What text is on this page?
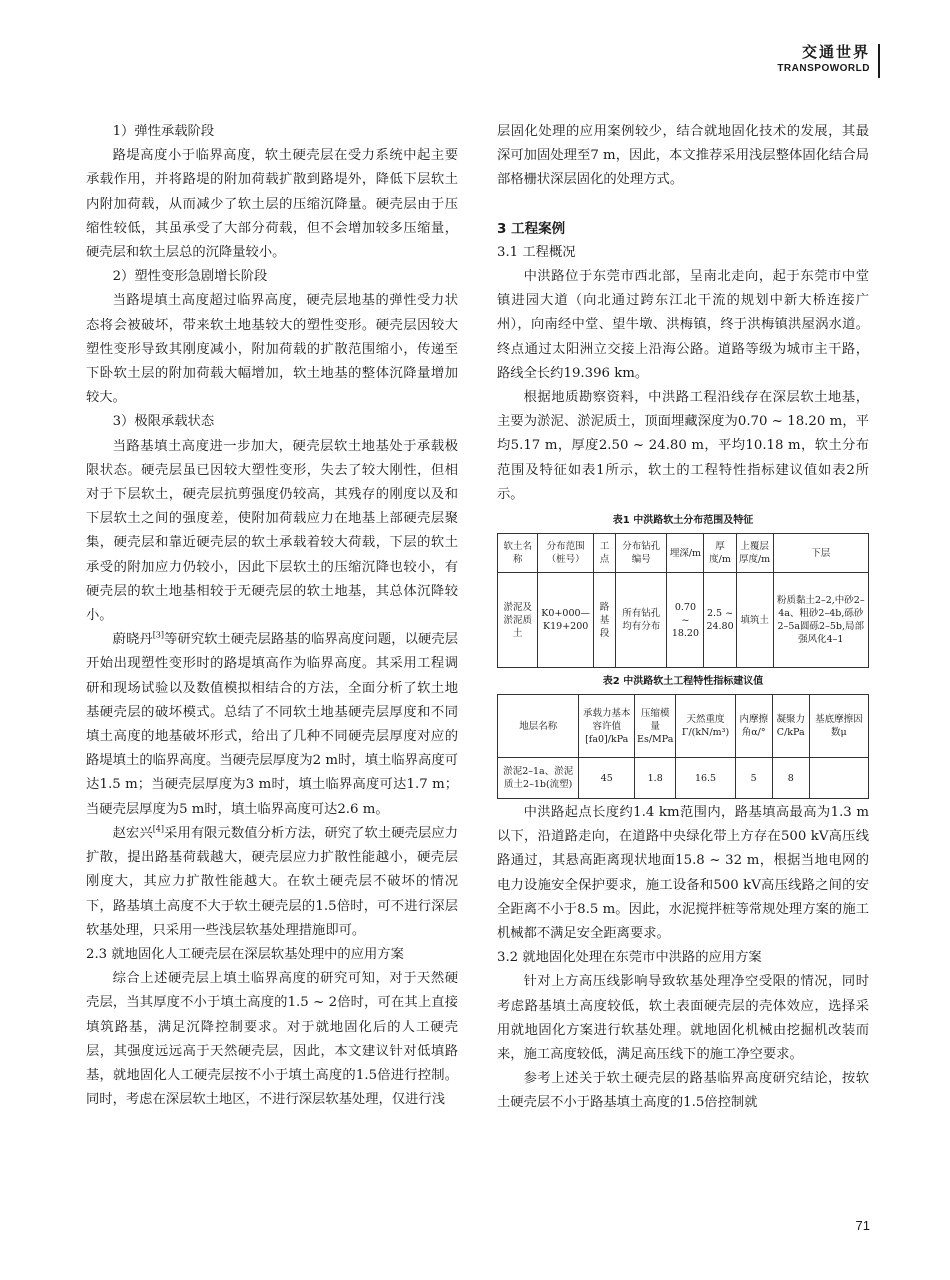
交通世界
TRANSPOWORLD

1）弹性承载阶段

路堤高度小于临界高度，软土硬壳层在受力系统中起主要承载作用，并将路堤的附加荷载扩散到路堤外，降低下层软土内附加荷载，从而减少了软土层的压缩沉降量。硬壳层由于压缩性较低，其虽承受了大部分荷载，但不会增加较多压缩量，硬壳层和软土层总的沉降量较小。

2）塑性变形急剧增长阶段

当路堤填土高度超过临界高度，硬壳层地基的弹性受力状态将会被破坏，带来软土地基较大的塑性变形。硬壳层因较大塑性变形导致其刚度减小，附加荷载的扩散范围缩小，传递至下卧软土层的附加荷载大幅增加，软土地基的整体沉降量增加较大。

3）极限承载状态

当路基填土高度进一步加大，硬壳层软土地基处于承载极限状态。硬壳层虽已因较大塑性变形，失去了较大刚性，但相对于下层软土，硬壳层抗剪强度仍较高，其残存的刚度以及和下层软土之间的强度差，使附加荷载应力在地基上部硬壳层聚集，硬壳层和靠近硬壳层的软土承载着较大荷载，下层的软土承受的附加应力仍较小，因此下层软土的压缩沉降也较小，有硬壳层的软土地基相较于无硬壳层的软土地基，其总体沉降较小。

蔚晓丹[3]等研究软土硬壳层路基的临界高度问题，以硬壳层开始出现塑性变形时的路堤填高作为临界高度。其采用工程调研和现场试验以及数值模拟相结合的方法，全面分析了软土地基硬壳层的破坏模式。总结了不同软土地基硬壳层厚度和不同填土高度的地基破坏形式，给出了几种不同硬壳层厚度对应的路堤填土的临界高度。当硬壳层厚度为2 m时，填土临界高度可达1.5 m；当硬壳层厚度为3 m时，填土临界高度可达1.7 m；当硬壳层厚度为5 m时，填土临界高度可达2.6 m。

赵宏兴[4]采用有限元数值分析方法，研究了软土硬壳层应力扩散，提出路基荷载越大，硬壳层应力扩散性能越小，硬壳层刚度大，其应力扩散性能越大。在软土硬壳层不破坏的情况下，路基填土高度不大于软土硬壳层的1.5倍时，可不进行深层软基处理，只采用一些浅层软基处理措施即可。

2.3 就地固化人工硬壳层在深层软基处理中的应用方案

综合上述硬壳层上填土临界高度的研究可知，对于天然硬壳层，当其厚度不小于填土高度的1.5 ~ 2倍时，可在其上直接填筑路基，满足沉降控制要求。对于就地固化后的人工硬壳层，其强度远远高于天然硬壳层，因此，本文建议针对低填路基，就地固化人工硬壳层按不小于填土高度的1.5倍进行控制。同时，考虑在深层软土地区，不进行深层软基处理，仅进行浅

层固化处理的应用案例较少，结合就地固化技术的发展，其最深可加固处理至7 m，因此，本文推荐采用浅层整体固化结合局部格栅状深层固化的处理方式。

3 工程案例

3.1 工程概况

中洪路位于东莞市西北部，呈南北走向，起于东莞市中堂镇进园大道（向北通过跨东江北干流的规划中新大桥连接广州），向南经中堂、望牛墩、洪梅镇，终于洪梅镇洪屋涡水道。终点通过太阳洲立交接上沿海公路。道路等级为城市主干路，路线全长约19.396 km。

根据地质勘察资料，中洪路工程沿线存在深层软土地基，主要为淤泥、淤泥质土，顶面埋藏深度为0.70 ~ 18.20 m，平均5.17 m，厚度2.50 ~ 24.80 m，平均10.18 m，软土分布范围及特征如表1所示，软土的工程特性指标建议值如表2所示。

表1 中洪路软土分布范围及特征
软土名称	分布范围（桩号）	工点	分布钻孔编号	埋深/m	厚度/m	上覆层厚度/m	下层
淤泥及淤泥质土	K0+000—K19+200	路基段	所有钻孔均有分布	0.70 ~ 18.20	2.5 ~ 24.80	填筑土	粉质黏土2–2,中砂2–4a、粗砂2–4b,砾砂2–5a圆砾2–5b,局部强风化4–1
表2 中洪路软土工程特性指标建议值
地层名称	承载力基本容许值[fa0]/kPa	压缩模量Es/MPa	天然重度Γ/(kN/m³)	内摩擦角α/°	凝聚力C/kPa	基底摩擦因数μ
淤泥2–1a、淤泥质土2–1b(流塑)	45	1.8	16.5	5	8	

中洪路起点长度约1.4 km范围内，路基填高最高为1.3 m以下，沿道路走向，在道路中央绿化带上方存在500 kV高压线路通过，其悬高距离现状地面15.8 ~ 32 m，根据当地电网的电力设施安全保护要求，施工设备和500 kV高压线路之间的安全距离不小于8.5 m。因此，水泥搅拌桩等常规处理方案的施工机械都不满足安全距离要求。

3.2 就地固化处理在东莞市中洪路的应用方案

针对上方高压线影响导致软基处理净空受限的情况，同时考虑路基填土高度较低，软土表面硬壳层的壳体效应，选择采用就地固化方案进行软基处理。就地固化机械由挖掘机改装而来，施工高度较低，满足高压线下的施工净空要求。

参考上述关于软土硬壳层的路基临界高度研究结论，按软土硬壳层不小于路基填土高度的1.5倍控制就

71
